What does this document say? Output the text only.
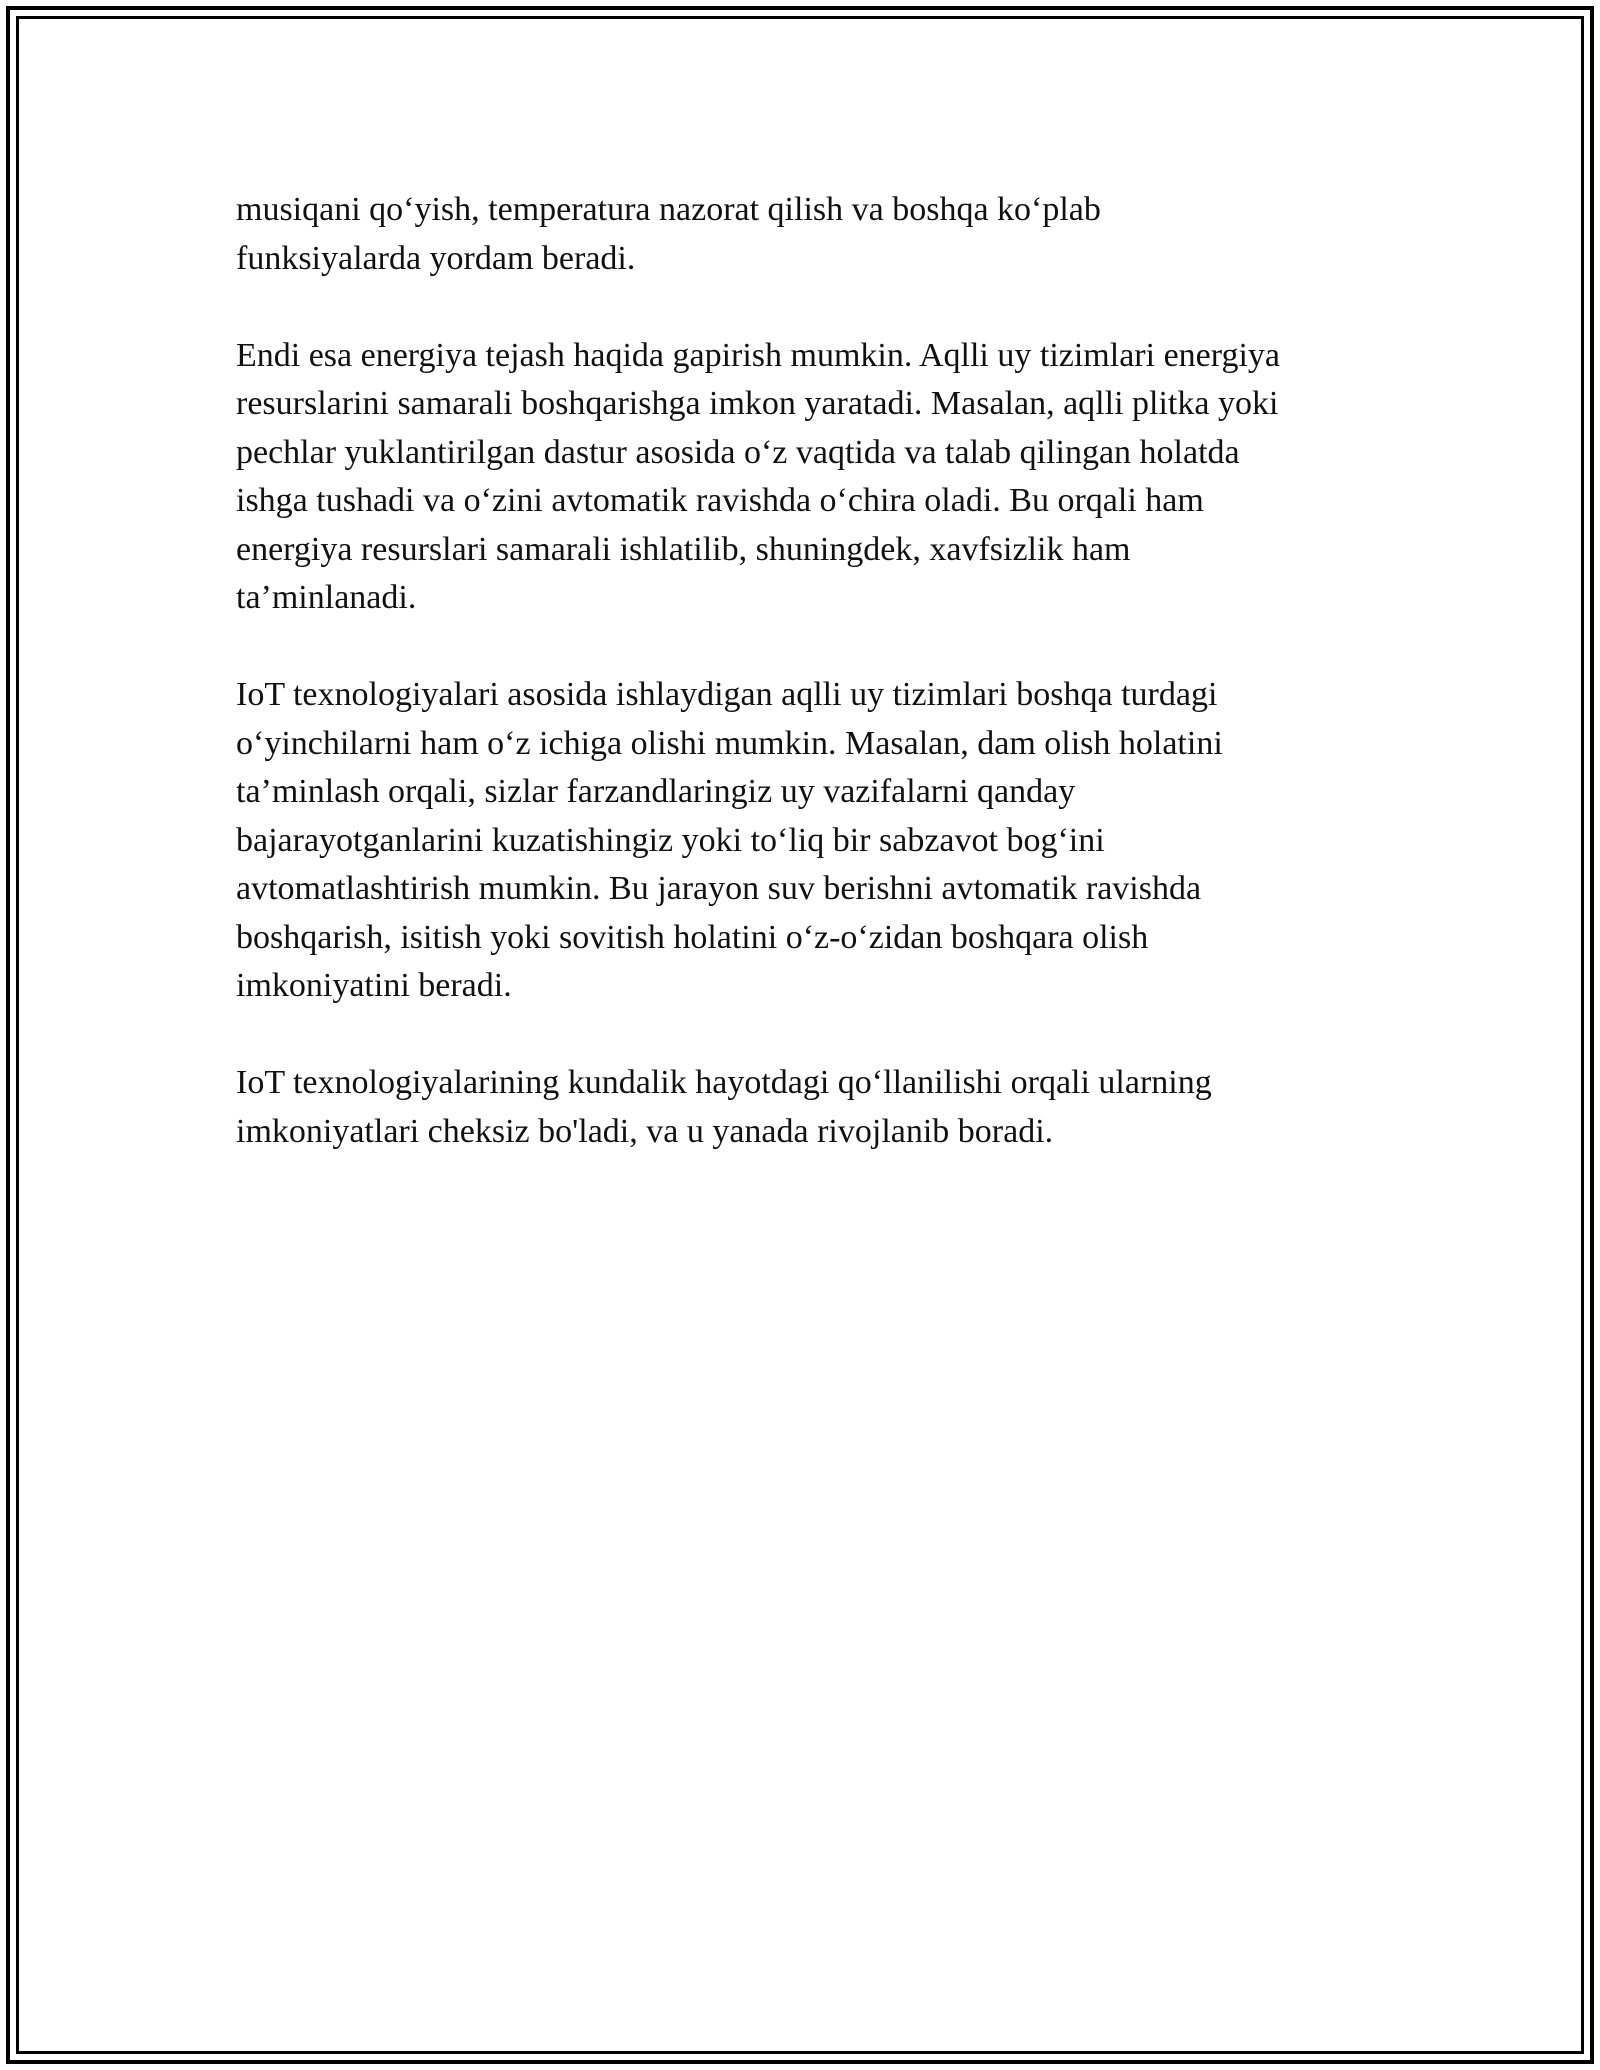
musiqani qo‘yish, temperatura nazorat qilish va boshqa ko‘plab
funksiyalarda yordam beradi.

Endi esa energiya tejash haqida gapirish mumkin. Aqlli uy tizimlari energiya
resurslarini samarali boshqarishga imkon yaratadi. Masalan, aqlli plitka yoki
pechlar yuklantirilgan dastur asosida o‘z vaqtida va talab qilingan holatda
ishga tushadi va o‘zini avtomatik ravishda o‘chira oladi. Bu orqali ham
energiya resurslari samarali ishlatilib, shuningdek, xavfsizlik ham
ta’minlanadi.

IoT texnologiyalari asosida ishlaydigan aqlli uy tizimlari boshqa turdagi
o‘yinchilarni ham o‘z ichiga olishi mumkin. Masalan, dam olish holatini
ta’minlash orqali, sizlar farzandlaringiz uy vazifalarni qanday
bajarayotganlarini kuzatishingiz yoki to‘liq bir sabzavot bog‘ini
avtomatlashtirish mumkin. Bu jarayon suv berishni avtomatik ravishda
boshqarish, isitish yoki sovitish holatini o‘z-o‘zidan boshqara olish
imkoniyatini beradi.

IoT texnologiyalarining kundalik hayotdagi qo‘llanilishi orqali ularning
imkoniyatlari cheksiz bo'ladi, va u yanada rivojlanib boradi.
